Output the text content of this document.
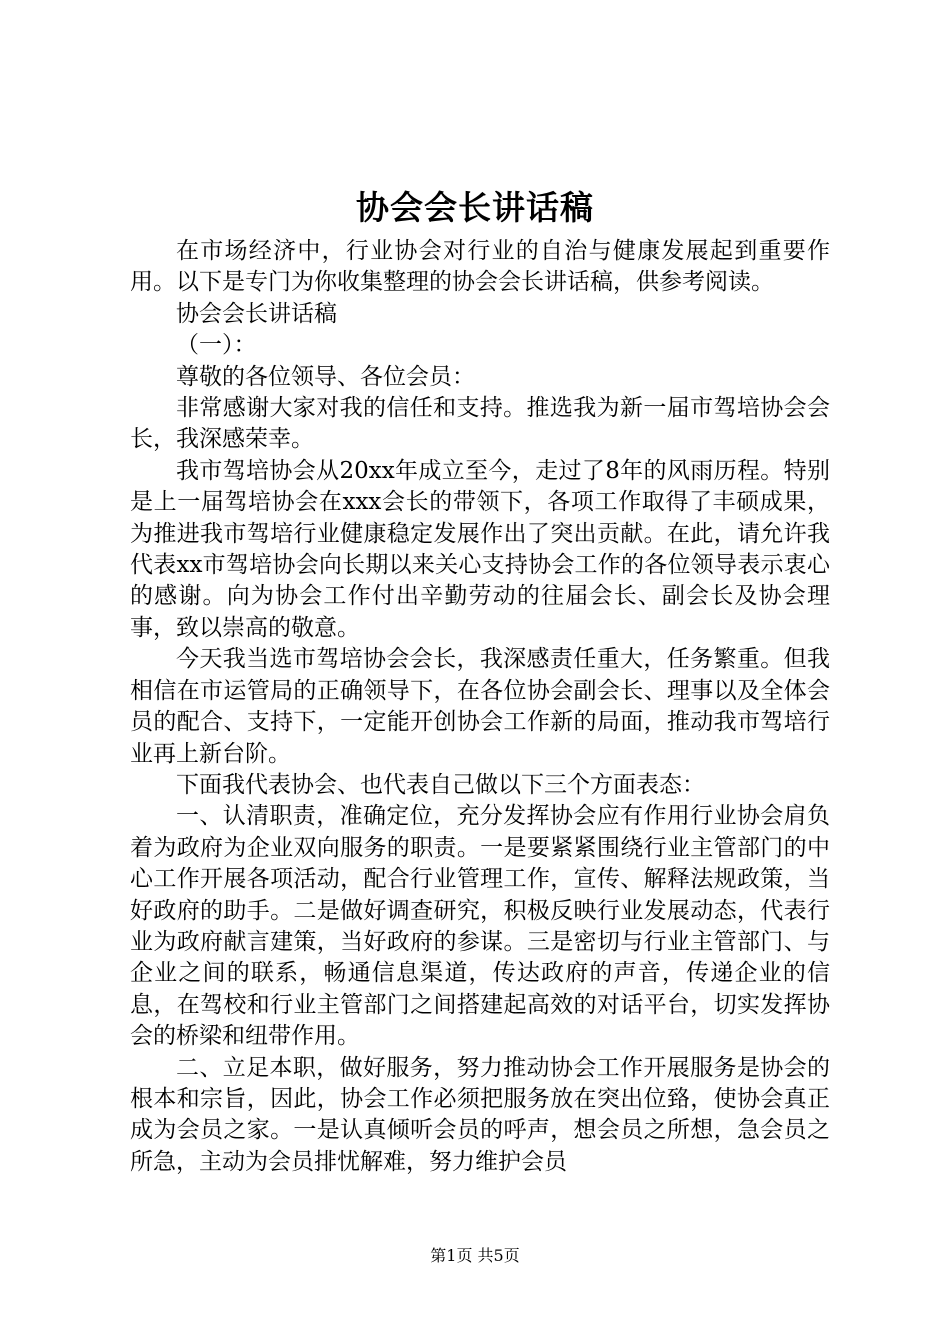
协会会长讲话稿

在市场经济中，行业协会对行业的自治与健康发展起到重要作用。以下是专门为你收集整理的协会会长讲话稿，供参考阅读。

协会会长讲话稿

（一）：

尊敬的各位领导、各位会员：

非常感谢大家对我的信任和支持。推选我为新一届市驾培协会会长，我深感荣幸。

我市驾培协会从20xx年成立至今，走过了8年的风雨历程。特别是上一届驾培协会在xxx会长的带领下，各项工作取得了丰硕成果，为推进我市驾培行业健康稳定发展作出了突出贡献。在此，请允许我代表xx市驾培协会向长期以来关心支持协会工作的各位领导表示衷心的感谢。向为协会工作付出辛勤劳动的往届会长、副会长及协会理事，致以崇高的敬意。

今天我当选市驾培协会会长，我深感责任重大，任务繁重。但我相信在市运管局的正确领导下，在各位协会副会长、理事以及全体会员的配合、支持下，一定能开创协会工作新的局面，推动我市驾培行业再上新台阶。

下面我代表协会、也代表自己做以下三个方面表态：

一、认清职责，准确定位，充分发挥协会应有作用行业协会肩负着为政府为企业双向服务的职责。一是要紧紧围绕行业主管部门的中心工作开展各项活动，配合行业管理工作，宣传、解释法规政策，当好政府的助手。二是做好调查研究，积极反映行业发展动态，代表行业为政府献言建策，当好政府的参谋。三是密切与行业主管部门、与企业之间的联系，畅通信息渠道，传达政府的声音，传递企业的信息，在驾校和行业主管部门之间搭建起高效的对话平台，切实发挥协会的桥梁和纽带作用。

二、立足本职，做好服务，努力推动协会工作开展服务是协会的根本和宗旨，因此，协会工作必须把服务放在突出位臵，使协会真正成为会员之家。一是认真倾听会员的呼声，想会员之所想，急会员之所急，主动为会员排忧解难，努力维护会员

第1页 共5页
